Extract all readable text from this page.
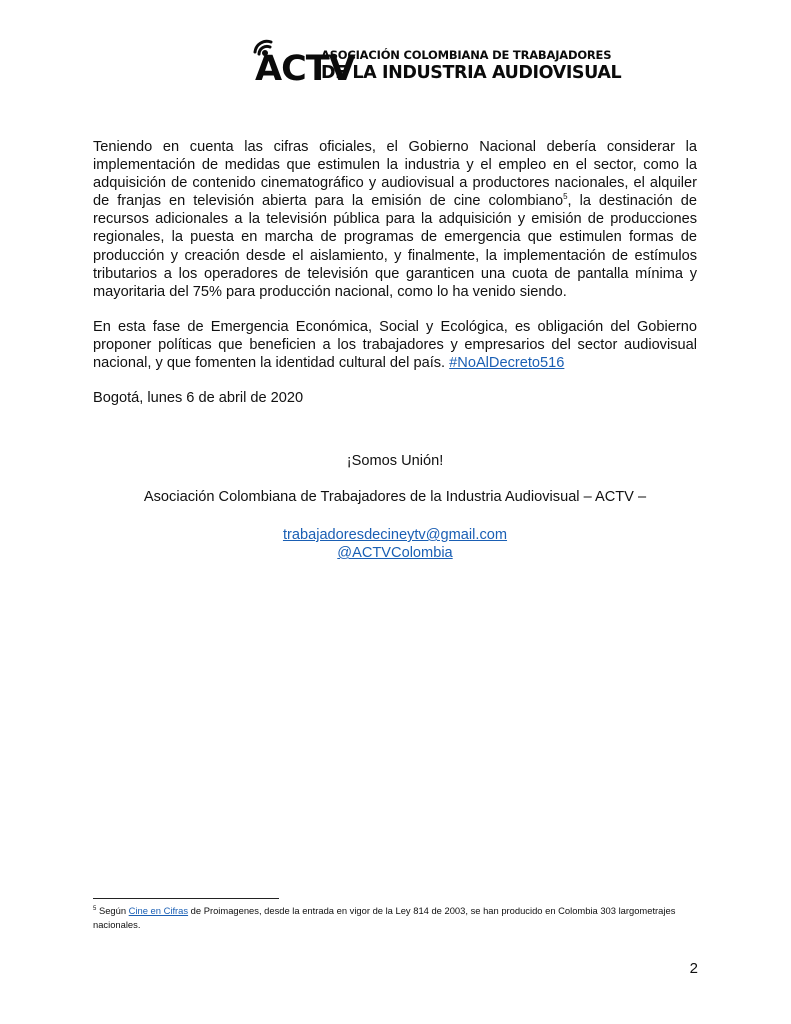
ACTV
ASOCIACIÓN COLOMBIANA DE TRABAJADORES
DE LA INDUSTRIA AUDIOVISUAL

Teniendo en cuenta las cifras oficiales, el Gobierno Nacional debería considerar la implementación de medidas que estimulen la industria y el empleo en el sector, como la adquisición de contenido cinematográfico y audiovisual a productores nacionales, el alquiler de franjas en televisión abierta para la emisión de cine colombiano$^5$, la destinación de recursos adicionales a la televisión pública para la adquisición y emisión de producciones regionales, la puesta en marcha de programas de emergencia que estimulen formas de producción y creación desde el aislamiento, y finalmente, la implementación de estímulos tributarios a los operadores de televisión que garanticen una cuota de pantalla mínima y mayoritaria del 75% para producción nacional, como lo ha venido siendo.

En esta fase de Emergencia Económica, Social y Ecológica, es obligación del Gobierno proponer políticas que beneficien a los trabajadores y empresarios del sector audiovisual nacional, y que fomenten la identidad cultural del país. #NoAlDecreto516

Bogotá, lunes 6 de abril de 2020

¡Somos Unión!
Asociación Colombiana de Trabajadores de la Industria Audiovisual – ACTV –
trabajadoresdecineytv@gmail.com
@ACTVColombia
$^5$ Según Cine en Cifras de Proimagenes, desde la entrada en vigor de la Ley 814 de 2003, se han producido en Colombia 303 largometrajes nacionales.
2
